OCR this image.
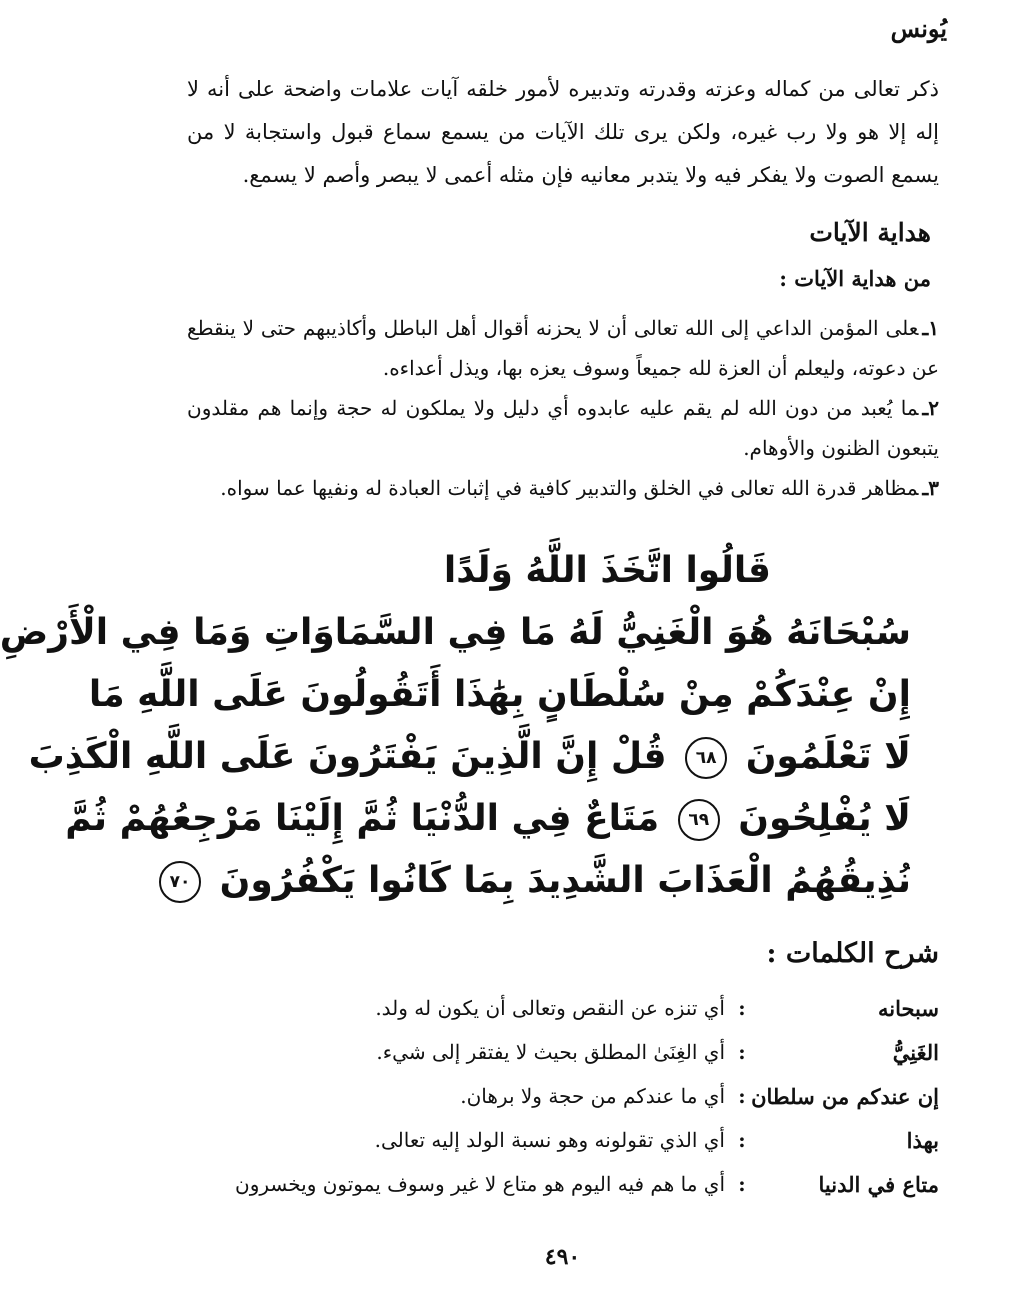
يُونس
ذكر تعالى من كماله وعزته وقدرته وتدبيره لأمور خلقه آيات علامات واضحة على أنه لا إله إلا هو ولا رب غيره، ولكن يرى تلك الآيات من يسمع سماع قبول واستجابة لا من يسمع الصوت ولا يفكر فيه ولا يتدبر معانيه فإن مثله أعمى لا يبصر وأصم لا يسمع.
هداية الآيات
من هداية الآيات :
١ـعلى المؤمن الداعي إلى الله تعالى أن لا يحزنه أقوال أهل الباطل وأكاذيبهم حتى لا ينقطع عن دعوته، وليعلم أن العزة لله جميعاً وسوف يعزه بها، ويذل أعداءه.
٢ـما يُعبد من دون الله لم يقم عليه عابدوه أي دليل ولا يملكون له حجة وإنما هم مقلدون يتبعون الظنون والأوهام.
٣ـمظاهر قدرة الله تعالى في الخلق والتدبير كافية في إثبات العبادة له ونفيها عما سواه.
قَالُوا اتَّخَذَ اللَّهُ وَلَدًا
سُبْحَانَهُ هُوَ الْغَنِيُّ لَهُ مَا فِي السَّمَاوَاتِ وَمَا فِي الْأَرْضِ
إِنْ عِنْدَكُمْ مِنْ سُلْطَانٍ بِهَٰذَا أَتَقُولُونَ عَلَى اللَّهِ مَا
لَا تَعْلَمُونَ ٦٨ قُلْ إِنَّ الَّذِينَ يَفْتَرُونَ عَلَى اللَّهِ الْكَذِبَ
لَا يُفْلِحُونَ ٦٩ مَتَاعٌ فِي الدُّنْيَا ثُمَّ إِلَيْنَا مَرْجِعُهُمْ ثُمَّ
نُذِيقُهُمُ الْعَذَابَ الشَّدِيدَ بِمَا كَانُوا يَكْفُرُونَ ٧٠
شرح الكلمات :
سبحانه
:
أي تنزه عن النقص وتعالى أن يكون له ولد.
الغَنِيُّ
:
أي الغِنَىٰ المطلق بحيث لا يفتقر إلى شيء.
إن عندكم من سلطان
:
أي ما عندكم من حجة ولا برهان.
بهذا
:
أي الذي تقولونه وهو نسبة الولد إليه تعالى.
متاع في الدنيا
:
أي ما هم فيه اليوم هو متاع لا غير وسوف يموتون ويخسرون
٤٩٠
